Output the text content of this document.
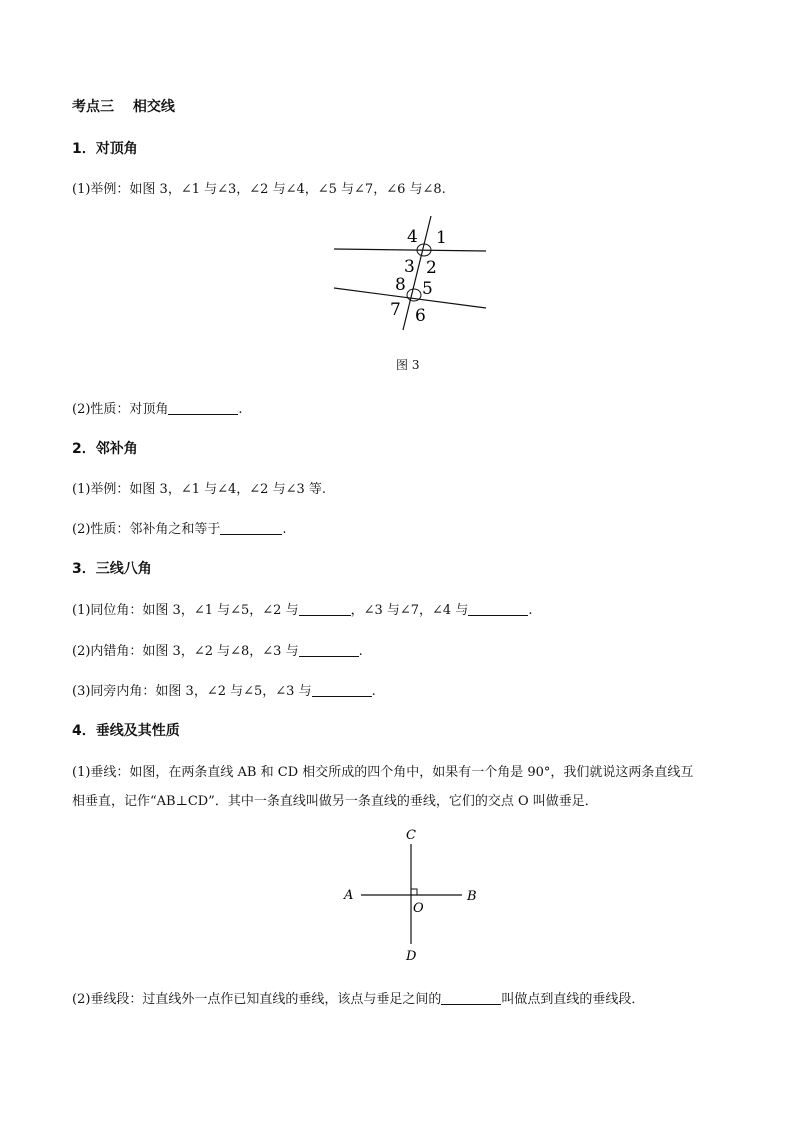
考点三　 相交线
1．对顶角
(1)举例：如图 3，∠1 与∠3，∠2 与∠4，∠5 与∠7，∠6 与∠8.
4 1
3 2
8 5
7 6
图 3
(2)性质：对顶角	.
2．邻补角
(1)举例：如图 3，∠1 与∠4，∠2 与∠3 等.
(2)性质：邻补角之和等于	.
3．三线八角
(1)同位角：如图 3，∠1 与∠5，∠2 与	，∠3 与∠7，∠4 与	.
(2)内错角：如图 3，∠2 与∠8，∠3 与	.
(3)同旁内角：如图 3，∠2 与∠5，∠3 与	.
4．垂线及其性质
(1)垂线：如图，在两条直线 AB 和 CD 相交所成的四个角中，如果有一个角是 90°，我们就说这两条直线互
相垂直，记作“AB⊥CD”．其中一条直线叫做另一条直线的垂线，它们的交点 O 叫做垂足．
A	B
C
D
O
(2)垂线段：过直线外一点作已知直线的垂线，该点与垂足之间的	叫做点到直线的垂线段．
